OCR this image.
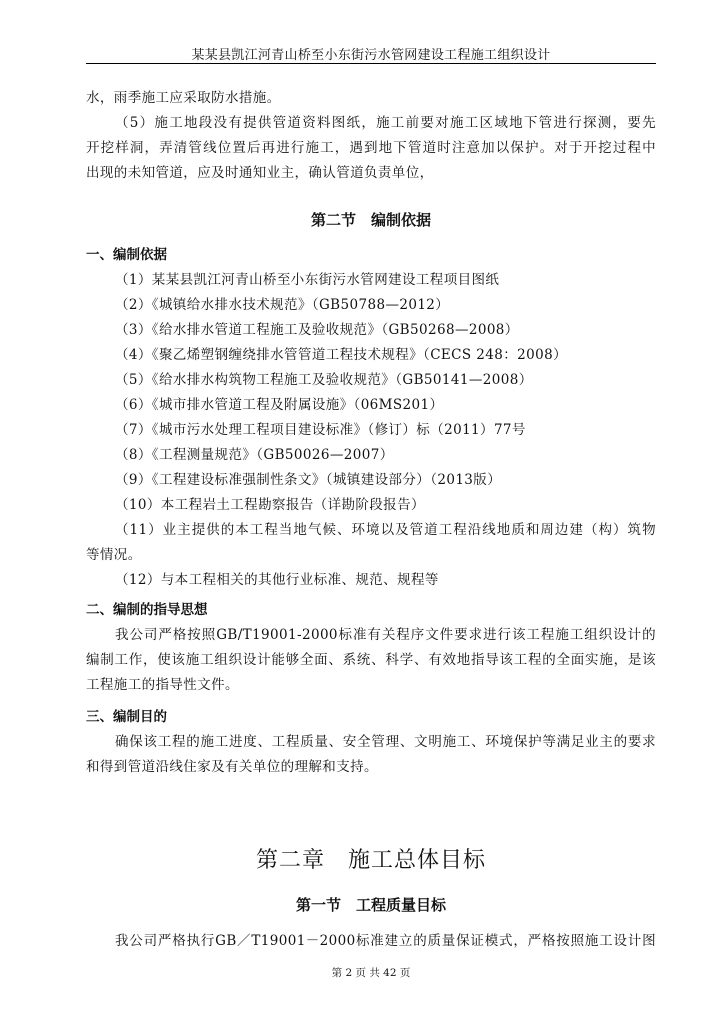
某某县凯江河青山桥至小东街污水管网建设工程施工组织设计
水，雨季施工应采取防水措施。
（5）施工地段没有提供管道资料图纸，施工前要对施工区域地下管进行探测，要先
开挖样洞，弄清管线位置后再进行施工，遇到地下管道时注意加以保护。对于开挖过程中
出现的未知管道，应及时通知业主，确认管道负责单位，
第二节　编制依据
一、编制依据
（1）某某县凯江河青山桥至小东街污水管网建设工程项目图纸
（2）《城镇给水排水技术规范》（GB50788—2012）
（3）《给水排水管道工程施工及验收规范》（GB50268—2008）
（4）《聚乙烯塑钢缠绕排水管管道工程技术规程》（CECS 248：2008）
（5）《给水排水构筑物工程施工及验收规范》（GB50141—2008）
（6）《城市排水管道工程及附属设施》（06MS201）
（7）《城市污水处理工程项目建设标准》（修订）标（2011）77号
（8）《工程测量规范》（GB50026—2007）
（9）《工程建设标准强制性条文》（城镇建设部分）（2013版）
（10）本工程岩土工程勘察报告（详勘阶段报告）
（11）业主提供的本工程当地气候、环境以及管道工程沿线地质和周边建（构）筑物
等情况。
（12）与本工程相关的其他行业标准、规范、规程等
二、编制的指导思想
我公司严格按照GB/T19001-2000标准有关程序文件要求进行该工程施工组织设计的
编制工作，使该施工组织设计能够全面、系统、科学、有效地指导该工程的全面实施，是该
工程施工的指导性文件。
三、编制目的
确保该工程的施工进度、工程质量、安全管理、文明施工、环境保护等满足业主的要求
和得到管道沿线住家及有关单位的理解和支持。
第二章　施工总体目标
第一节　工程质量目标
我公司严格执行GB／T19001－2000标准建立的质量保证模式，严格按照施工设计图
第 2 页 共 42 页
